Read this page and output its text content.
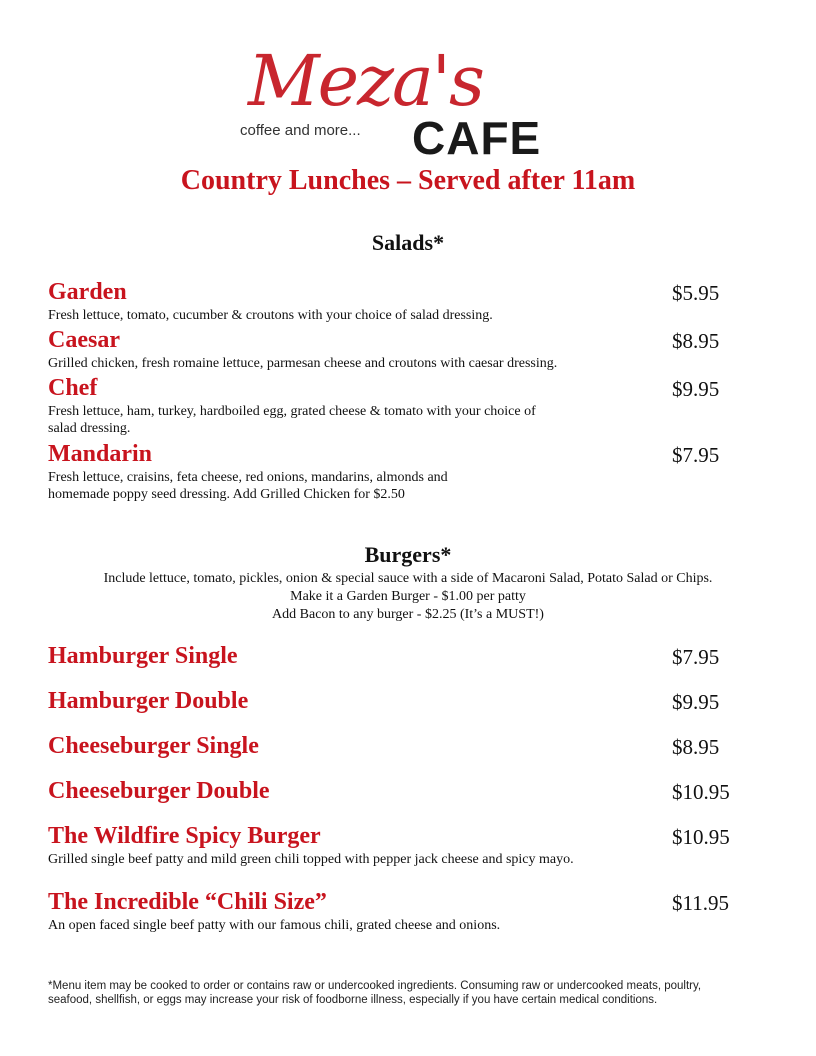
Meza's
coffee and more... CAFE
Country Lunches – Served after 11am
Salads*
Garden	$5.95
Fresh lettuce, tomato, cucumber & croutons with your choice of salad dressing.
Caesar	$8.95
Grilled chicken, fresh romaine lettuce, parmesan cheese and croutons with caesar dressing.
Chef	$9.95
Fresh lettuce, ham, turkey, hardboiled egg, grated cheese & tomato with your choice of
salad dressing.
Mandarin	$7.95
Fresh lettuce, craisins, feta cheese, red onions, mandarins, almonds and
homemade poppy seed dressing. Add Grilled Chicken for $2.50
Burgers*
Include lettuce, tomato, pickles, onion & special sauce with a side of Macaroni Salad, Potato Salad or Chips.
Make it a Garden Burger - $1.00 per patty
Add Bacon to any burger - $2.25 (It’s a MUST!)
Hamburger Single	$7.95
Hamburger Double	$9.95
Cheeseburger Single	$8.95
Cheeseburger Double	$10.95
The Wildfire Spicy Burger	$10.95
Grilled single beef patty and mild green chili topped with pepper jack cheese and spicy mayo.
The Incredible “Chili Size”	$11.95
An open faced single beef patty with our famous chili, grated cheese and onions.
*Menu item may be cooked to order or contains raw or undercooked ingredients. Consuming raw or undercooked meats, poultry,
seafood, shellfish, or eggs may increase your risk of foodborne illness, especially if you have certain medical conditions.
